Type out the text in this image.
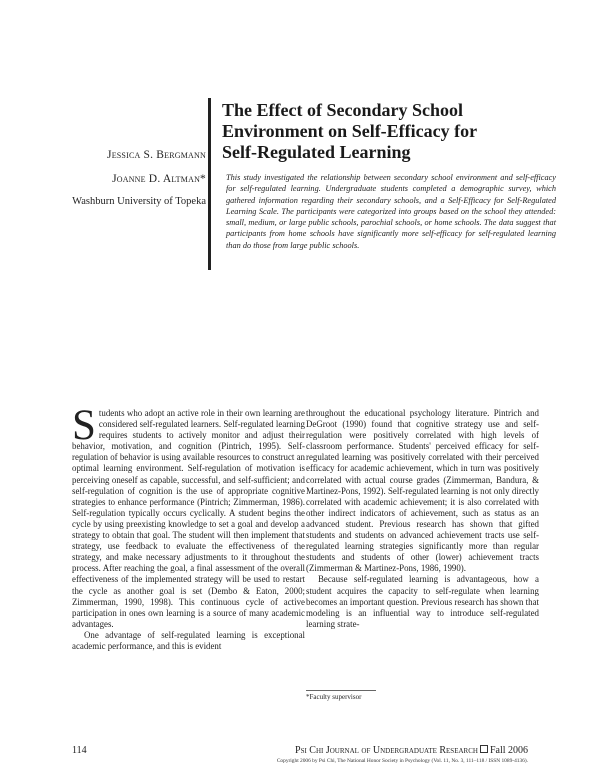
The Effect of Secondary School
Environment on Self-Efficacy for
Self-Regulated Learning
Jessica S. Bergmann
Joanne D. Altman*
Washburn University of Topeka
This study investigated the relationship between secondary school environment and self-efficacy for self-regulated learning. Undergraduate students completed a demographic survey, which gathered information regarding their secondary schools, and a Self-Efficacy for Self-Regulated Learning Scale. The participants were categorized into groups based on the school they attended: small, medium, or large public schools, parochial schools, or home schools. The data suggest that participants from home schools have significantly more self-efficacy for self-regulated learning than do those from large public schools.

Students who adopt an active role in their own learning are considered self-regulated learners. Self-regulated learning requires students to actively monitor and adjust their behavior, motivation, and cognition (Pintrich, 1995). Self-regulation of behavior is using available resources to construct an optimal learning environment. Self-regulation of motivation is perceiving oneself as capable, successful, and self-sufficient; and self-regulation of cognition is the use of appropriate cognitive strategies to enhance performance (Pintrich; Zimmerman, 1986). Self-regulation typically occurs cyclically. A student begins the cycle by using preexisting knowledge to set a goal and develop a strategy to obtain that goal. The student will then implement that strategy, use feedback to evaluate the effectiveness of the strategy, and make necessary adjustments to it throughout the process. After reaching the goal, a final assessment of the overall effectiveness of the implemented strategy will be used to restart the cycle as another goal is set (Dembo & Eaton, 2000; Zimmerman, 1990, 1998). This continuous cycle of active participation in ones own learning is a source of many academic advantages.

One advantage of self-regulated learning is exceptional academic performance, and this is evident

throughout the educational psychology literature. Pintrich and DeGroot (1990) found that cognitive strategy use and self-regulation were positively correlated with high levels of classroom performance. Students' perceived efficacy for self-regulated learning was positively correlated with their perceived efficacy for academic achievement, which in turn was positively correlated with actual course grades (Zimmerman, Bandura, & Martinez-Pons, 1992). Self-regulated learning is not only directly correlated with academic achievement; it is also correlated with other indirect indicators of achievement, such as status as an advanced student. Previous research has shown that gifted students and students on advanced achievement tracts use self-regulated learning strategies significantly more than regular students and students of other (lower) achievement tracts (Zimmerman & Martinez-Pons, 1986, 1990).

Because self-regulated learning is advantageous, how a student acquires the capacity to self-regulate when learning becomes an important question. Previous research has shown that modeling is an influential way to introduce self-regulated learning strate-

*Faculty supervisor
114	Psi Chi Journal of Undergraduate Research Fall 2006
Copyright 2006 by Psi Chi, The National Honor Society in Psychology (Vol. 11, No. 3, 111–118 / ISSN 1089-4136).
